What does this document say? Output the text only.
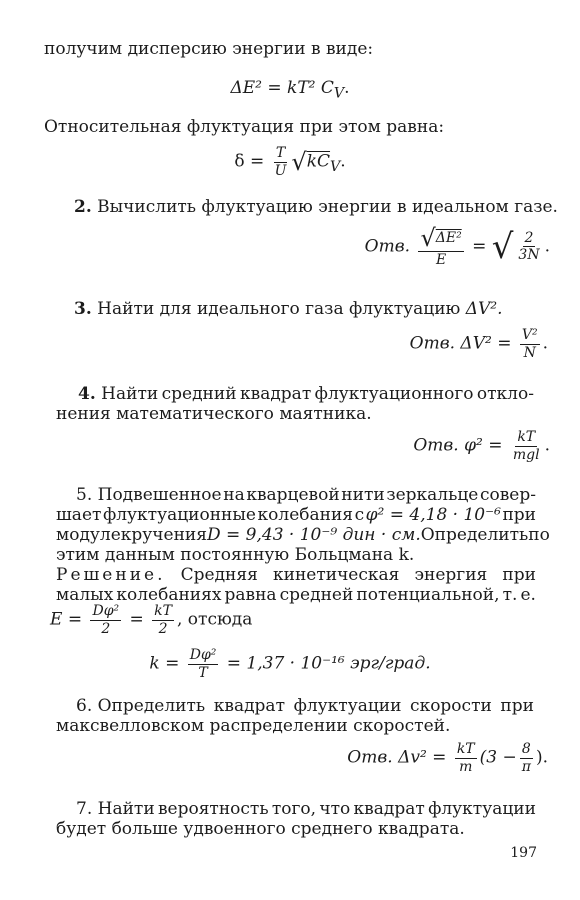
получим дисперсию энергии в виде:
ΔE² = kT² $C_V$.
Относительная флуктуация при этом равна:
$\delta = \frac{T}{U} √kC_V$.
2. Вычислить флуктуацию энергии в идеальном газе.
Отв. $\frac{\text{√ΔE²}}{E}$ = √ $\frac{2}{3N}$ .
3. Найти для идеального газа флуктуацию ΔV².
Отв. $\Delta V^2 = \frac{\text{V²}}{N}$ .
4. Найти средний квадрат флуктуационного откло-
нения математического маятника.
Отв. $\varphi^2 = \frac{kT}{\text{mgl}}$ .
5. Подвешенное на кварцевой нити зеркальце совер-
шает флуктуационные колебания с φ² = 4,18 · 10⁻⁶ при
модуле кручения D = 9,43 · 10⁻⁹ дин · см. Определить по
этим данным постоянную Больцмана k.
Решение. Средняя кинетическая энергия при
малых колебаниях равна средней потенциальной, т. е.
$E = \frac{\text{Dφ²}}{2} = \frac{kT}{2}$ , отсюда
$k = \frac{\text{Dφ²}}{T} = 1,37 \cdot 10^{-16}$ эрг/град.
6. Определить квадрат флуктуации скорости при
максвелловском распределении скоростей.
Отв. $\Delta v^2 = \frac{kT}{m} (3 - \frac{8}{\pi}$ ).
7. Найти вероятность того, что квадрат флуктуации
будет больше удвоенного среднего квадрата.
197
